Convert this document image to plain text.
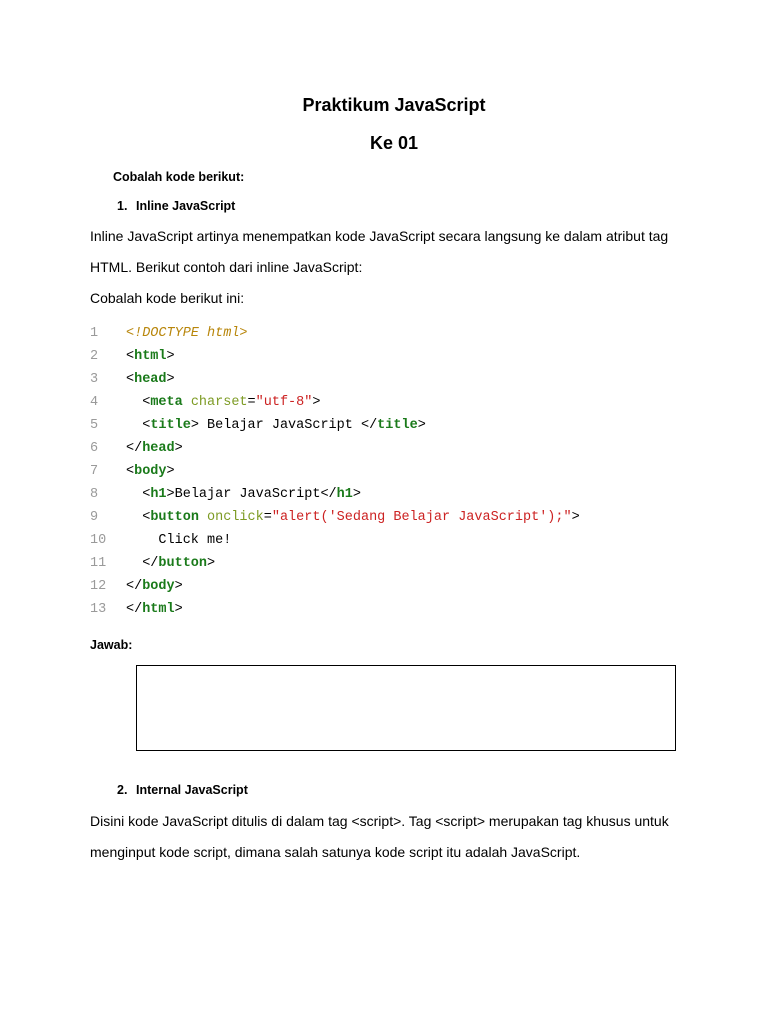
Praktikum JavaScript
Ke 01
Cobalah kode berikut:
1. Inline JavaScript
Inline JavaScript artinya menempatkan kode JavaScript secara langsung ke dalam atribut tag
HTML. Berikut contoh dari inline JavaScript:
Cobalah kode berikut ini:
1	<!DOCTYPE html>
2	<html>
3	<head>
4	<meta charset="utf-8">
5	<title> Belajar JavaScript </title>
6	</head>
7	<body>
8	<h1>Belajar JavaScript</h1>
9	<button onclick="alert('Sedang Belajar JavaScript');">
10	Click me!
11	</button>
12	</body>
13	</html>
Jawab:
2. Internal JavaScript
Disini kode JavaScript ditulis di dalam tag <script>. Tag <script> merupakan tag khusus untuk
menginput kode script, dimana salah satunya kode script itu adalah JavaScript.
